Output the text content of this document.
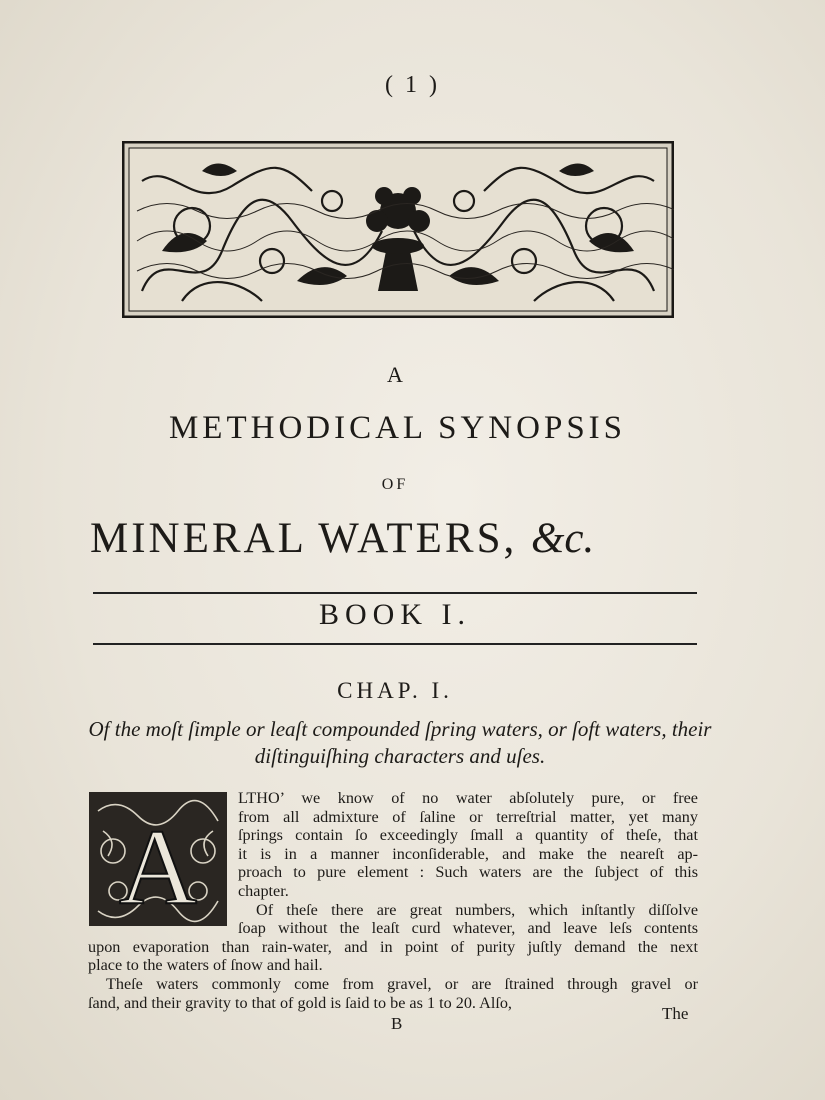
( 1 )
A
METHODICAL SYNOPSIS
OF
MINERAL WATERS, &c.
BOOK I.
CHAP. I.
Of the moſt ſimple or leaſt compounded ſpring waters, or ſoft waters, their diſtinguiſhing characters and uſes.
A
LTHO’ we know of no water abſolutely pure, or free
from all admixture of ſaline or terreſtrial matter, yet many
ſprings contain ſo exceedingly ſmall a quantity of theſe, that
it is in a manner inconſiderable, and make the neareſt ap-
proach to pure element : Such waters are the ſubject of this
chapter.
Of theſe there are great numbers, which inſtantly diſſolve
ſoap without the leaſt curd whatever, and leave leſs contents
upon evaporation than rain-water, and in point of purity juſtly demand the next
place to the waters of ſnow and hail.
Theſe waters commonly come from gravel, or are ſtrained through gravel or
ſand, and their gravity to that of gold is ſaid to be as 1 to 20. Alſo,
B
The
